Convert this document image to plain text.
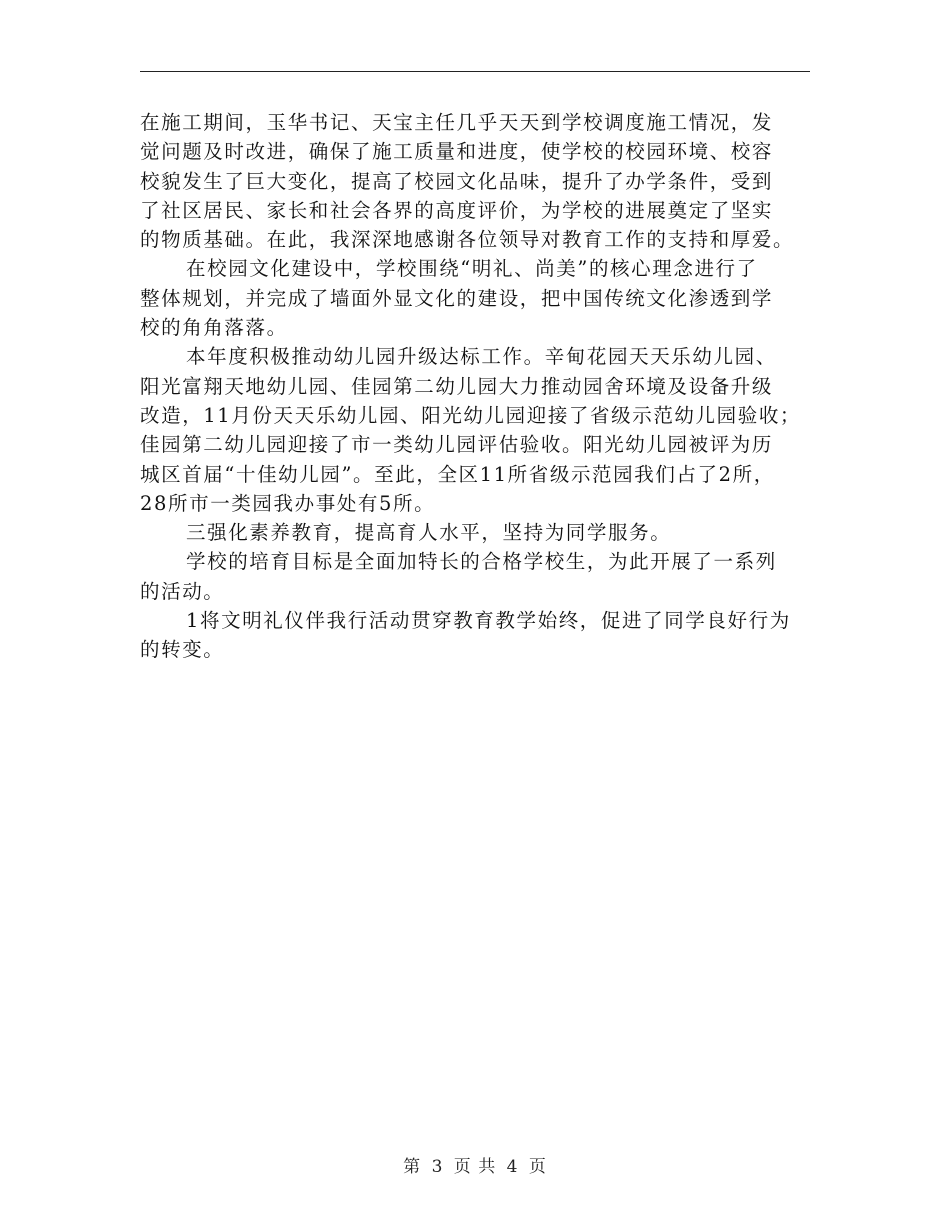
在施工期间，玉华书记、天宝主任几乎天天到学校调度施工情况，发
觉问题及时改进，确保了施工质量和进度，使学校的校园环境、校容
校貌发生了巨大变化，提高了校园文化品味，提升了办学条件，受到
了社区居民、家长和社会各界的高度评价，为学校的进展奠定了坚实
的物质基础。在此，我深深地感谢各位领导对教育工作的支持和厚爱。

在校园文化建设中，学校围绕“明礼、尚美”的核心理念进行了
整体规划，并完成了墙面外显文化的建设，把中国传统文化渗透到学
校的角角落落。

本年度积极推动幼儿园升级达标工作。辛甸花园天天乐幼儿园、
阳光富翔天地幼儿园、佳园第二幼儿园大力推动园舍环境及设备升级
改造，11月份天天乐幼儿园、阳光幼儿园迎接了省级示范幼儿园验收；
佳园第二幼儿园迎接了市一类幼儿园评估验收。阳光幼儿园被评为历
城区首届“十佳幼儿园”。至此，全区11所省级示范园我们占了2所，
28所市一类园我办事处有5所。

三强化素养教育，提高育人水平，坚持为同学服务。

学校的培育目标是全面加特长的合格学校生，为此开展了一系列
的活动。

1将文明礼仪伴我行活动贯穿教育教学始终，促进了同学良好行为
的转变。

第 3 页 共 4 页
